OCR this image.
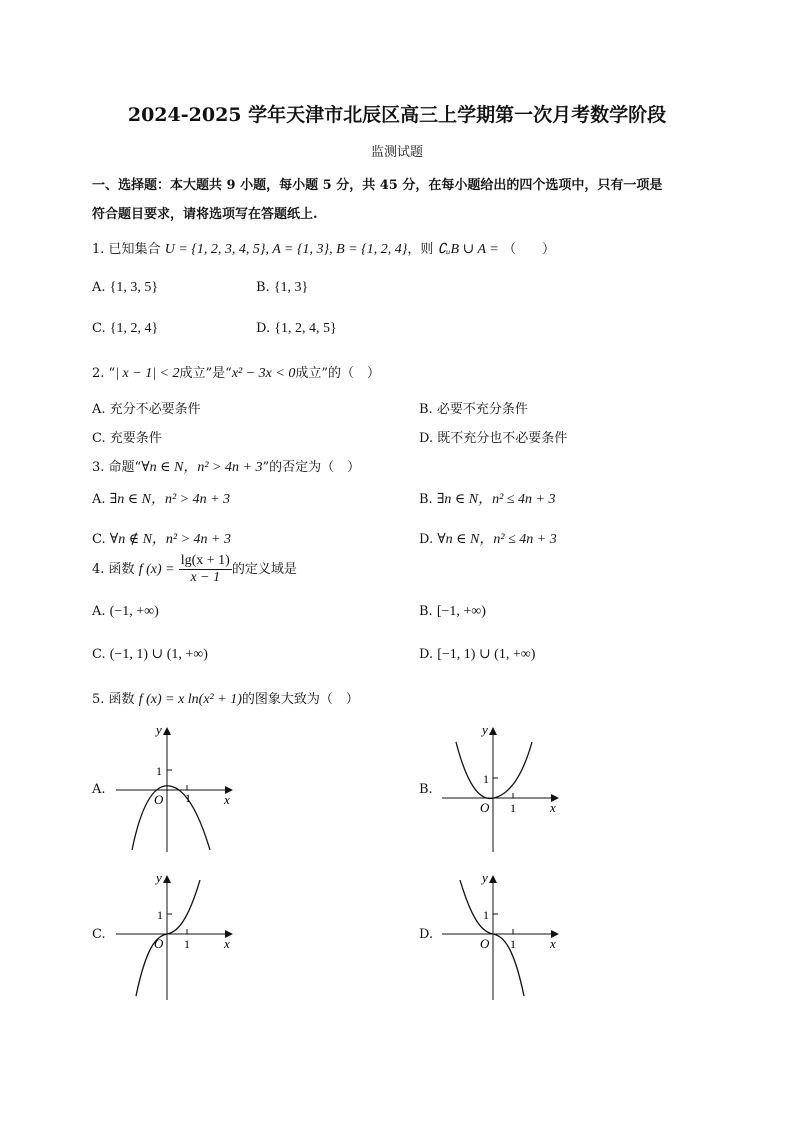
2024-2025 学年天津市北辰区高三上学期第一次月考数学阶段
监测试题
一、选择题：本大题共 9 小题，每小题 5 分，共 45 分，在每小题给出的四个选项中，只有一项是
符合题目要求，请将选项写在答题纸上.
1. 已知集合 U = {1, 2, 3, 4, 5}, A = {1, 3}, B = {1, 2, 4}，则 ∁ᵤB ∪ A = （　　）
A. {1, 3, 5}	B. {1, 3}
C. {1, 2, 4}	D. {1, 2, 4, 5}
2. “| x − 1| < 2成立”是“x² − 3x < 0成立”的（　）
A. 充分不必要条件	B. 必要不充分条件
C. 充要条件	D. 既不充分也不必要条件
3. 命题“∀n ∈ N，n² > 4n + 3”的否定为（　）
A. ∃n ∈ N，n² > 4n + 3	B. ∃n ∈ N，n² ≤ 4n + 3
C. ∀n ∉ N，n² > 4n + 3	D. ∀n ∈ N，n² ≤ 4n + 3
4. 函数 f $(x) = \frac{\lg(x + 1)}{x - 1}$ 的定义域是
A. (−1, +∞)	B. [−1, +∞)
C. (−1, 1) ∪ (1, +∞)	D. [−1, 1) ∪ (1, +∞)
5. 函数 f (x) = x ln(x² + 1)的图象大致为（　）
A.	B.
C.	D.
y
x
O
1
1
y
x
O
1
1
y
x
O
1
1
y
x
O
1
1
